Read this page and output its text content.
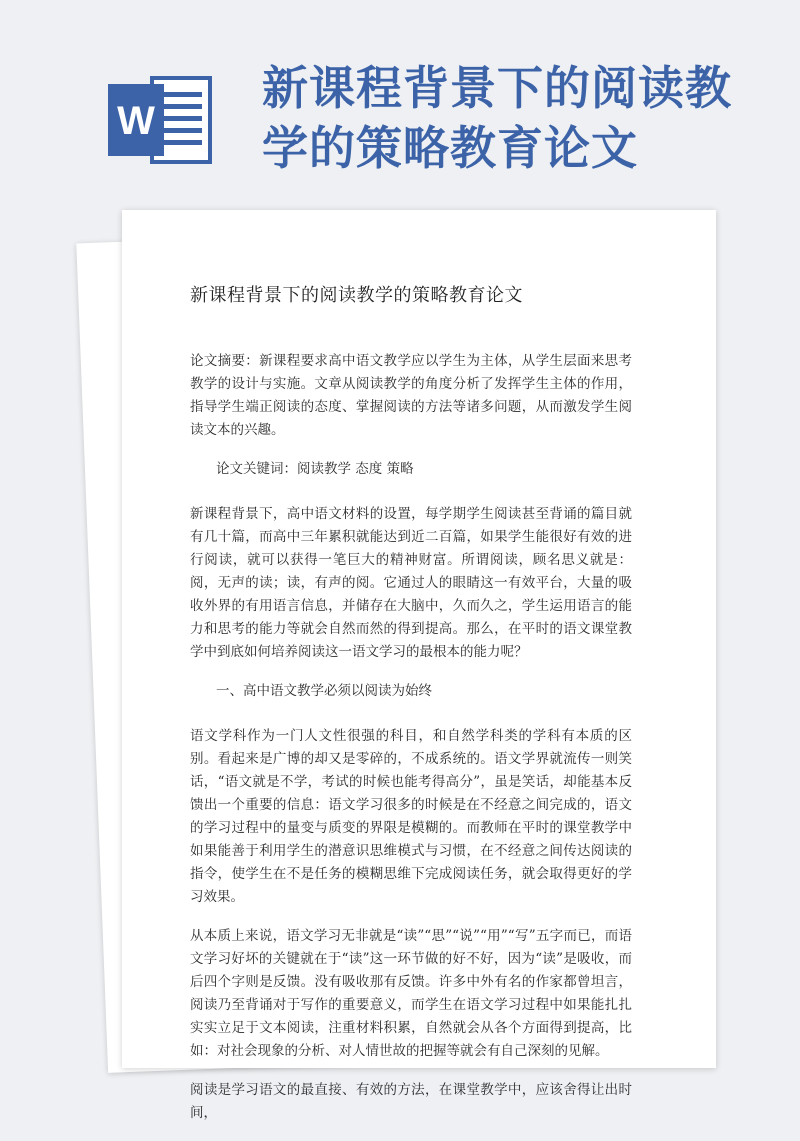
W
新课程背景下的阅读教
学的策略教育论文
新课程背景下的阅读教学的策略教育论文

论文摘要：新课程要求高中语文教学应以学生为主体，从学生层面来思考教学的设计与实施。文章从阅读教学的角度分析了发挥学生主体的作用，指导学生端正阅读的态度、掌握阅读的方法等诸多问题，从而激发学生阅读文本的兴趣。

论文关键词：阅读教学 态度 策略

新课程背景下，高中语文材料的设置，每学期学生阅读甚至背诵的篇目就有几十篇，而高中三年累积就能达到近二百篇，如果学生能很好有效的进行阅读，就可以获得一笔巨大的精神财富。所谓阅读，顾名思义就是：阅，无声的读；读，有声的阅。它通过人的眼睛这一有效平台，大量的吸收外界的有用语言信息，并储存在大脑中，久而久之，学生运用语言的能力和思考的能力等就会自然而然的得到提高。那么，在平时的语文课堂教学中到底如何培养阅读这一语文学习的最根本的能力呢？

一、高中语文教学必须以阅读为始终

语文学科作为一门人文性很强的科目，和自然学科类的学科有本质的区别。看起来是广博的却又是零碎的，不成系统的。语文学界就流传一则笑话，“语文就是不学，考试的时候也能考得高分”，虽是笑话，却能基本反馈出一个重要的信息：语文学习很多的时候是在不经意之间完成的，语文的学习过程中的量变与质变的界限是模糊的。而教师在平时的课堂教学中如果能善于利用学生的潜意识思维模式与习惯，在不经意之间传达阅读的指令，使学生在不是任务的模糊思维下完成阅读任务，就会取得更好的学习效果。

从本质上来说，语文学习无非就是“读”“思”“说”“用”“写”五字而已，而语文学习好坏的关键就在于“读”这一环节做的好不好，因为“读”是吸收，而后四个字则是反馈。没有吸收那有反馈。许多中外有名的作家都曾坦言，阅读乃至背诵对于写作的重要意义，而学生在语文学习过程中如果能扎扎实实立足于文本阅读，注重材料积累，自然就会从各个方面得到提高，比如：对社会现象的分析、对人情世故的把握等就会有自己深刻的见解。

阅读是学习语文的最直接、有效的方法，在课堂教学中，应该舍得让出时间，
